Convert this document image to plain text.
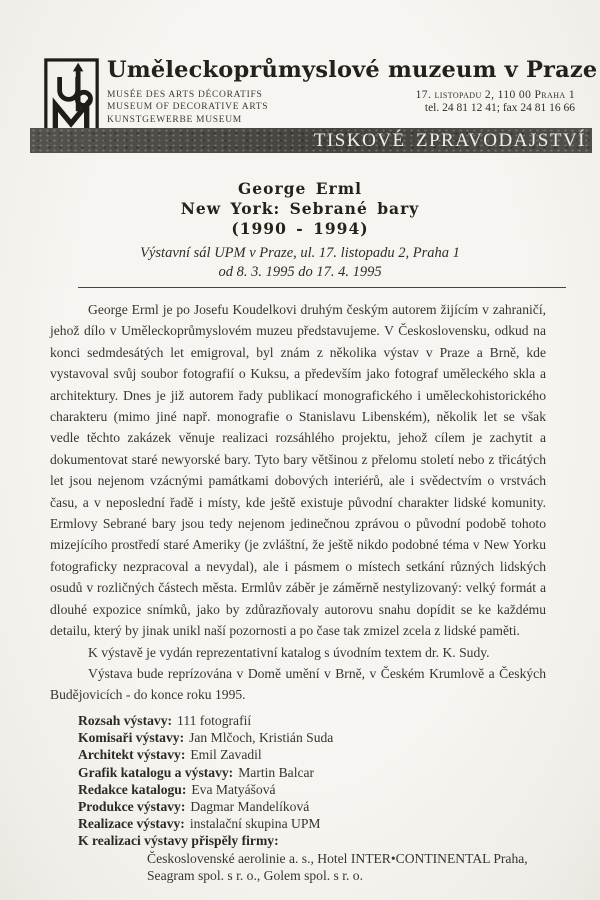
Uměleckoprůmyslové muzeum v Praze
MUSÉE DES ARTS DÉCORATIFS
MUSEUM OF DECORATIVE ARTS
KUNSTGEWERBE MUSEUM
17. listopadu 2, 110 00 Praha 1
tel. 24 81 12 41; fax 24 81 16 66
TISKOVÉ ZPRAVODAJSTVÍ
George Erml
New York: Sebrané bary
(1990 - 1994)
Výstavní sál UPM v Praze, ul. 17. listopadu 2, Praha 1
od 8. 3. 1995 do 17. 4. 1995

George Erml je po Josefu Koudelkovi druhým českým autorem žijícím v zahraničí, jehož dílo v Uměleckoprůmyslovém muzeu představujeme. V Československu, odkud na konci sedmdesátých let emigroval, byl znám z několika výstav v Praze a Brně, kde vystavoval svůj soubor fotografií o Kuksu, a především jako fotograf uměleckého skla a architektury. Dnes je již autorem řady publikací monografického i uměleckohistorického charakteru (mimo jiné např. monografie o Stanislavu Libenském), několik let se však vedle těchto zakázek věnuje realizaci rozsáhlého projektu, jehož cílem je zachytit a dokumentovat staré newyorské bary. Tyto bary většinou z přelomu století nebo z třicátých let jsou nejenom vzácnými památkami dobových interiérů, ale i svědectvím o vrstvách času, a v neposlední řadě i místy, kde ještě existuje původní charakter lidské komunity. Ermlovy Sebrané bary jsou tedy nejenom jedinečnou zprávou o původní podobě tohoto mizejícího prostředí staré Ameriky (je zvláštní, že ještě nikdo podobné téma v New Yorku fotograficky nezpracoval a nevydal), ale i pásmem o místech setkání různých lidských osudů v rozličných částech města. Ermlův záběr je záměrně nestylizovaný: velký formát a dlouhé expozice snímků, jako by zdůrazňovaly autorovu snahu dopídit se ke každému detailu, který by jinak unikl naší pozornosti a po čase tak zmizel zcela z lidské paměti.

K výstavě je vydán reprezentativní katalog s úvodním textem dr. K. Sudy.

Výstava bude reprízována v Domě umění v Brně, v Českém Krumlově a Českých Budějovicích - do konce roku 1995.

Rozsah výstavy: 111 fotografií
Komisaři výstavy: Jan Mlčoch, Kristián Suda
Architekt výstavy: Emil Zavadil
Grafik katalogu a výstavy: Martin Balcar
Redakce katalogu: Eva Matyášová
Produkce výstavy: Dagmar Mandelíková
Realizace výstavy: instalační skupina UPM
K realizaci výstavy přispěly firmy:
Československé aerolinie a. s., Hotel INTER•CONTINENTAL Praha,
Seagram spol. s r. o., Golem spol. s r. o.
